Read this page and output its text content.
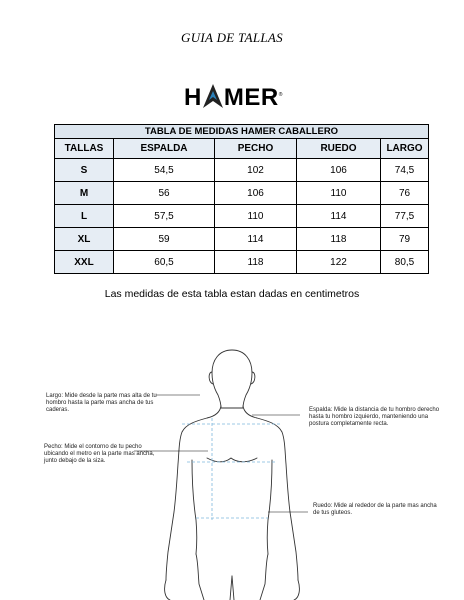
GUIA DE TALLAS
H MER®
TABLA DE MEDIDAS HAMER CABALLERO				
TALLAS	ESPALDA	PECHO	RUEDO	LARGO
S	54,5	102	106	74,5
M	56	106	110	76
L	57,5	110	114	77,5
XL	59	114	118	79
XXL	60,5	118	122	80,5
Las medidas de esta tabla estan dadas en centimetros
Largo: Mide desde la parte mas alta de tu hombro hasta la parte mas ancha de tus caderas.	Espalda: Mide la distancia de tu hombro derecho hasta tu hombro izquierdo, manteniendo una postura completamente recta.
Pecho: Mide el contorno de tu pecho ubicando el metro en la parte mas ancha, junto debajo de la siza.
Ruedo: Mide al rededor de la parte mas ancha de tus gluteos.
